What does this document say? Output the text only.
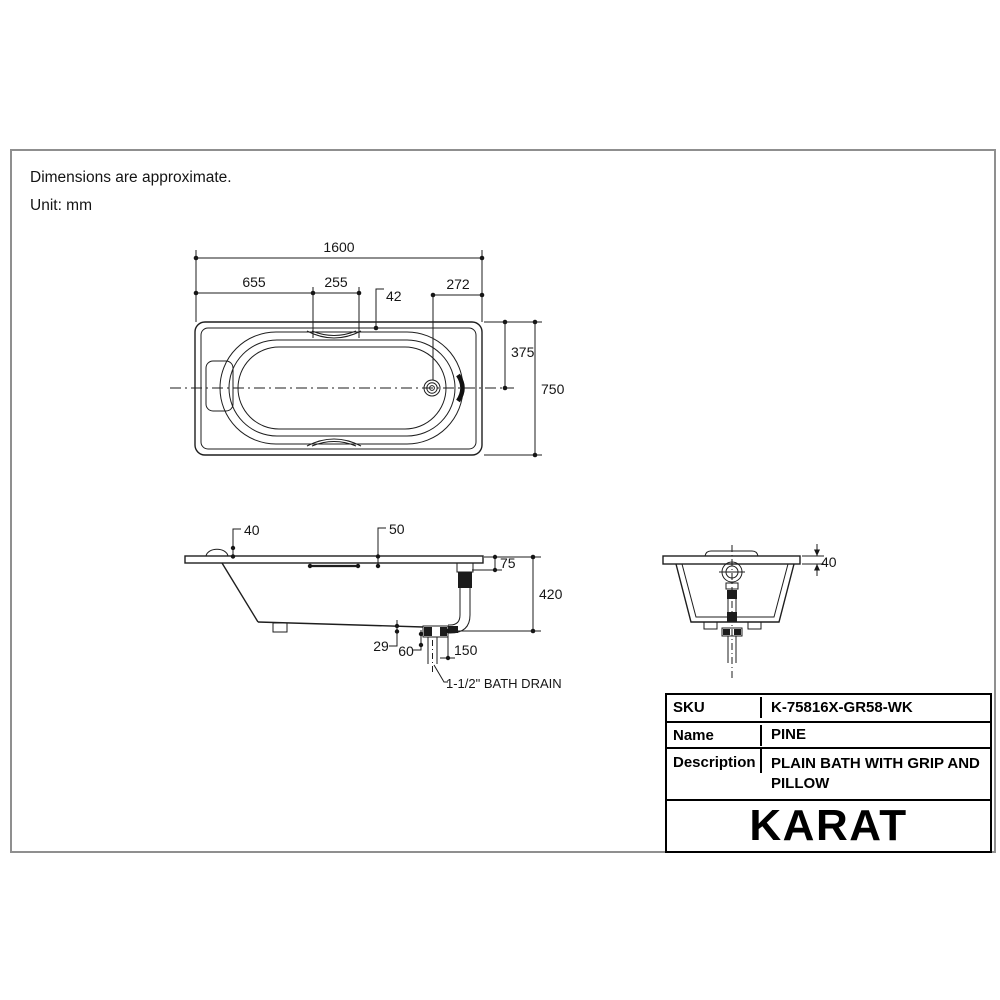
Dimensions are approximate.
Unit: mm
1600
655	255
42
272
375
750
40	50
75
420
29 60	150
1-1/2" BATH DRAIN
40
SKU	K-75816X-GR58-WK
Name	PINE
Description	PLAIN BATH WITH GRIP AND PILLOW
KARAT
